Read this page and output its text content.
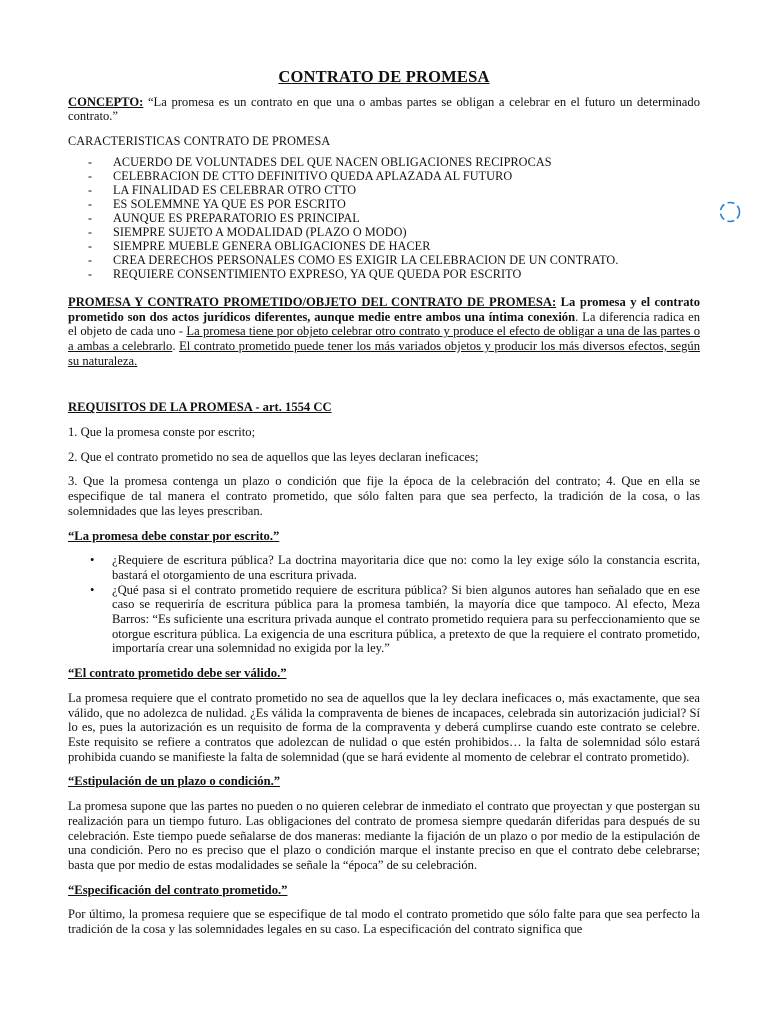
CONTRATO DE PROMESA

CONCEPTO: “La promesa es un contrato en que una o ambas partes se obligan a celebrar en el futuro un determinado contrato.”

CARACTERISTICAS CONTRATO DE PROMESA
- ACUERDO DE VOLUNTADES DEL QUE NACEN OBLIGACIONES RECIPROCAS
- CELEBRACION DE CTTO DEFINITIVO QUEDA APLAZADA AL FUTURO
- LA FINALIDAD ES CELEBRAR OTRO CTTO
- ES SOLEMMNE YA QUE ES POR ESCRITO
- AUNQUE ES PREPARATORIO ES PRINCIPAL
- SIEMPRE SUJETO A MODALIDAD (PLAZO O MODO)
- SIEMPRE MUEBLE GENERA OBLIGACIONES DE HACER
- CREA DERECHOS PERSONALES COMO ES EXIGIR LA CELEBRACION DE UN CONTRATO.
- REQUIERE CONSENTIMIENTO EXPRESO, YA QUE QUEDA POR ESCRITO

PROMESA Y CONTRATO PROMETIDO/OBJETO DEL CONTRATO DE PROMESA: La promesa y el contrato prometido son dos actos jurídicos diferentes, aunque medie entre ambos una íntima conexión. La diferencia radica en el objeto de cada uno - La promesa tiene por objeto celebrar otro contrato y produce el efecto de obligar a una de las partes o a ambas a celebrarlo. El contrato prometido puede tener los más variados objetos y producir los más diversos efectos, según su naturaleza.

REQUISITOS DE LA PROMESA - art. 1554 CC

1. Que la promesa conste por escrito;

2. Que el contrato prometido no sea de aquellos que las leyes declaran ineficaces;

3. Que la promesa contenga un plazo o condición que fije la época de la celebración del contrato; 4. Que en ella se especifique de tal manera el contrato prometido, que sólo falten para que sea perfecto, la tradición de la cosa, o las solemnidades que las leyes prescriban.

“La promesa debe constar por escrito.”

• ¿Requiere de escritura pública? La doctrina mayoritaria dice que no: como la ley exige sólo la constancia escrita, bastará el otorgamiento de una escritura privada.
• ¿Qué pasa si el contrato prometido requiere de escritura pública? Si bien algunos autores han señalado que en ese caso se requeriría de escritura pública para la promesa también, la mayoría dice que tampoco. Al efecto, Meza Barros: “Es suficiente una escritura privada aunque el contrato prometido requiera para su perfeccionamiento que se otorgue escritura pública. La exigencia de una escritura pública, a pretexto de que la requiere el contrato prometido, importaría crear una solemnidad no exigida por la ley.”

“El contrato prometido debe ser válido.”

La promesa requiere que el contrato prometido no sea de aquellos que la ley declara ineficaces o, más exactamente, que sea válido, que no adolezca de nulidad. ¿Es válida la compraventa de bienes de incapaces, celebrada sin autorización judicial? Sí lo es, pues la autorización es un requisito de forma de la compraventa y deberá cumplirse cuando este contrato se celebre. Este requisito se refiere a contratos que adolezcan de nulidad o que estén prohibidos… la falta de solemnidad sólo estará prohibida cuando se manifieste la falta de solemnidad (que se hará evidente al momento de celebrar el contrato prometido).

“Estipulación de un plazo o condición.”

La promesa supone que las partes no pueden o no quieren celebrar de inmediato el contrato que proyectan y que postergan su realización para un tiempo futuro. Las obligaciones del contrato de promesa siempre quedarán diferidas para después de su celebración. Este tiempo puede señalarse de dos maneras: mediante la fijación de un plazo o por medio de la estipulación de una condición. Pero no es preciso que el plazo o condición marque el instante preciso en que el contrato debe celebrarse; basta que por medio de estas modalidades se señale la “época” de su celebración.

“Especificación del contrato prometido.”

Por último, la promesa requiere que se especifique de tal modo el contrato prometido que sólo falte para que sea perfecto la tradición de la cosa y las solemnidades legales en su caso. La especificación del contrato significa que
